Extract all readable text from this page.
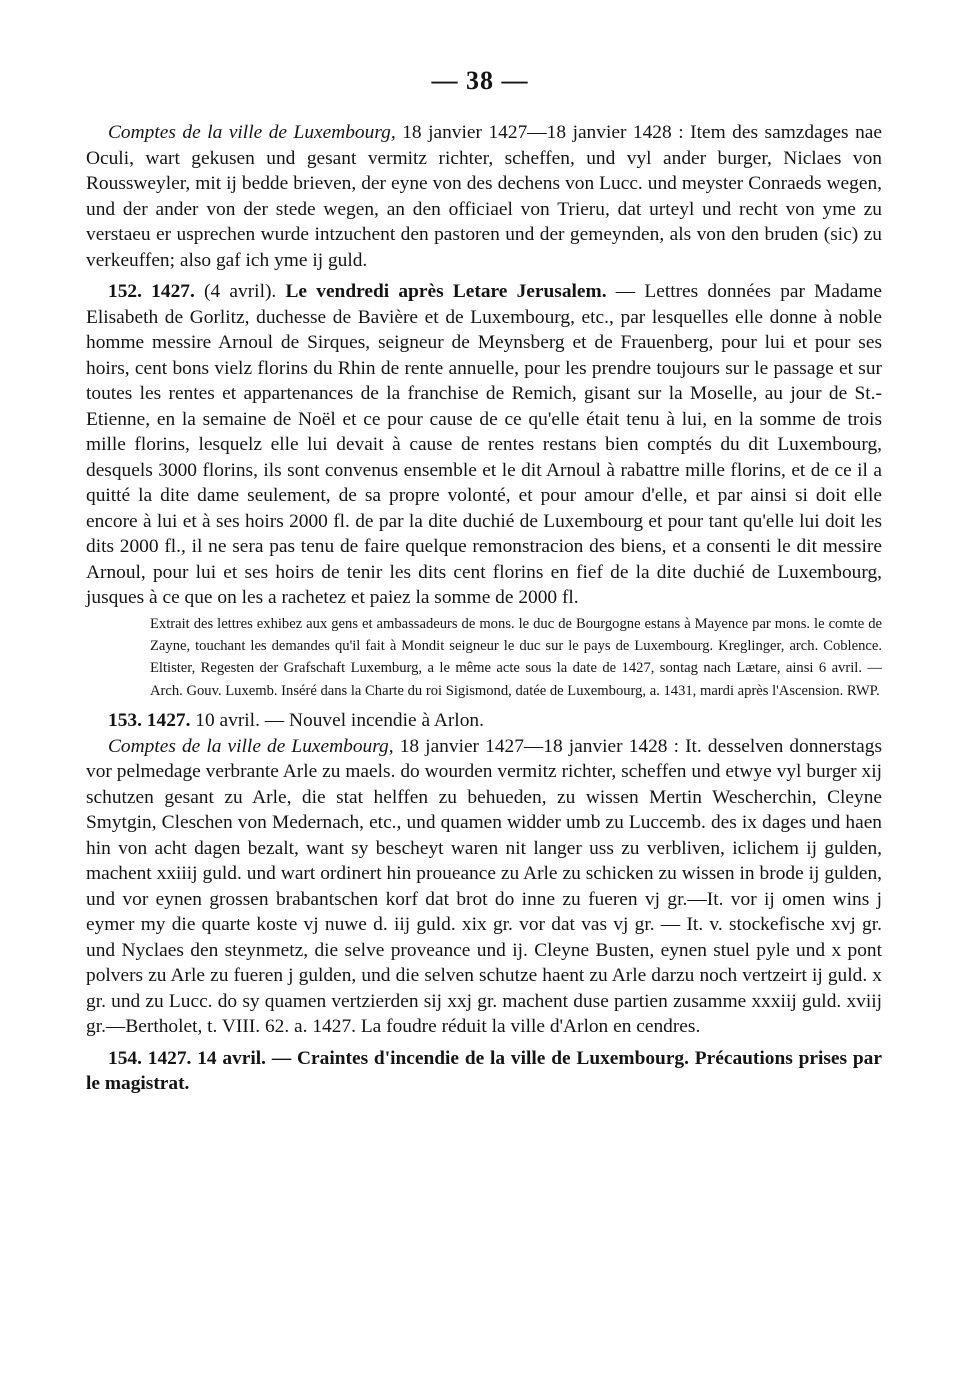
— 38 —

Comptes de la ville de Luxembourg, 18 janvier 1427—18 janvier 1428 : Item des samzdages nae Oculi, wart gekusen und gesant vermitz richter, scheffen, und vyl ander burger, Niclaes von Roussweyler, mit ij bedde brieven, der eyne von des dechens von Lucc. und meyster Conraeds wegen, und der ander von der stede wegen, an den officiael von Trieru, dat urteyl und recht von yme zu verstaeu er usprechen wurde intzuchent den pastoren und der gemeynden, als von den bruden (sic) zu verkeuffen; also gaf ich yme ij guld.

152. 1427. (4 avril). Le vendredi après Letare Jerusalem. — Lettres données par Madame Elisabeth de Gorlitz, duchesse de Bavière et de Luxembourg, etc., par lesquelles elle donne à noble homme messire Arnoul de Sirques, seigneur de Meynsberg et de Frauenberg, pour lui et pour ses hoirs, cent bons vielz florins du Rhin de rente annuelle, pour les prendre toujours sur le passage et sur toutes les rentes et appartenances de la franchise de Remich, gisant sur la Moselle, au jour de St.-Etienne, en la semaine de Noël et ce pour cause de ce qu'elle était tenu à lui, en la somme de trois mille florins, lesquelz elle lui devait à cause de rentes restans bien comptés du dit Luxembourg, desquels 3000 florins, ils sont convenus ensemble et le dit Arnoul à rabattre mille florins, et de ce il a quitté la dite dame seulement, de sa propre volonté, et pour amour d'elle, et par ainsi si doit elle encore à lui et à ses hoirs 2000 fl. de par la dite duchié de Luxembourg et pour tant qu'elle lui doit les dits 2000 fl., il ne sera pas tenu de faire quelque remonstracion des biens, et a consenti le dit messire Arnoul, pour lui et ses hoirs de tenir les dits cent florins en fief de la dite duchié de Luxembourg, jusques à ce que on les a rachetez et paiez la somme de 2000 fl.

Extrait des lettres exhibez aux gens et ambassadeurs de mons. le duc de Bourgogne estans à Mayence par mons. le comte de Zayne, touchant les demandes qu'il fait à Mondit seigneur le duc sur le pays de Luxembourg. Kreglinger, arch. Coblence. Eltister, Regesten der Grafschaft Luxemburg, a le même acte sous la date de 1427, sontag nach Lætare, ainsi 6 avril. — Arch. Gouv. Luxemb. Inséré dans la Charte du roi Sigismond, datée de Luxembourg, a. 1431, mardi après l'Ascension. RWP.

153. 1427. 10 avril. — Nouvel incendie à Arlon.

Comptes de la ville de Luxembourg, 18 janvier 1427—18 janvier 1428 : It. desselven donnerstags vor pelmedage verbrante Arle zu maels. do wourden vermitz richter, scheffen und etwye vyl burger xij schutzen gesant zu Arle, die stat helffen zu behueden, zu wissen Mertin Wescherchin, Cleyne Smytgin, Cleschen von Medernach, etc., und quamen widder umb zu Luccemb. des ix dages und haen hin von acht dagen bezalt, want sy bescheyt waren nit langer uss zu verbliven, iclichem ij gulden, machent xxiiij guld. und wart ordinert hin proueance zu Arle zu schicken zu wissen in brode ij gulden, und vor eynen grossen brabantschen korf dat brot do inne zu fueren vj gr.—It. vor ij omen wins j eymer my die quarte koste vj nuwe d. iij guld. xix gr. vor dat vas vj gr. — It. v. stockefische xvj gr. und Nyclaes den steynmetz, die selve proveance und ij. Cleyne Busten, eynen stuel pyle und x pont polvers zu Arle zu fueren j gulden, und die selven schutze haent zu Arle darzu noch vertzeirt ij guld. x gr. und zu Lucc. do sy quamen vertzierden sij xxj gr. machent duse partien zusamme xxxiij guld. xviij gr.—Bertholet, t. VIII. 62. a. 1427. La foudre réduit la ville d'Arlon en cendres.

154. 1427. 14 avril. — Craintes d'incendie de la ville de Luxembourg. Précautions prises par le magistrat.
